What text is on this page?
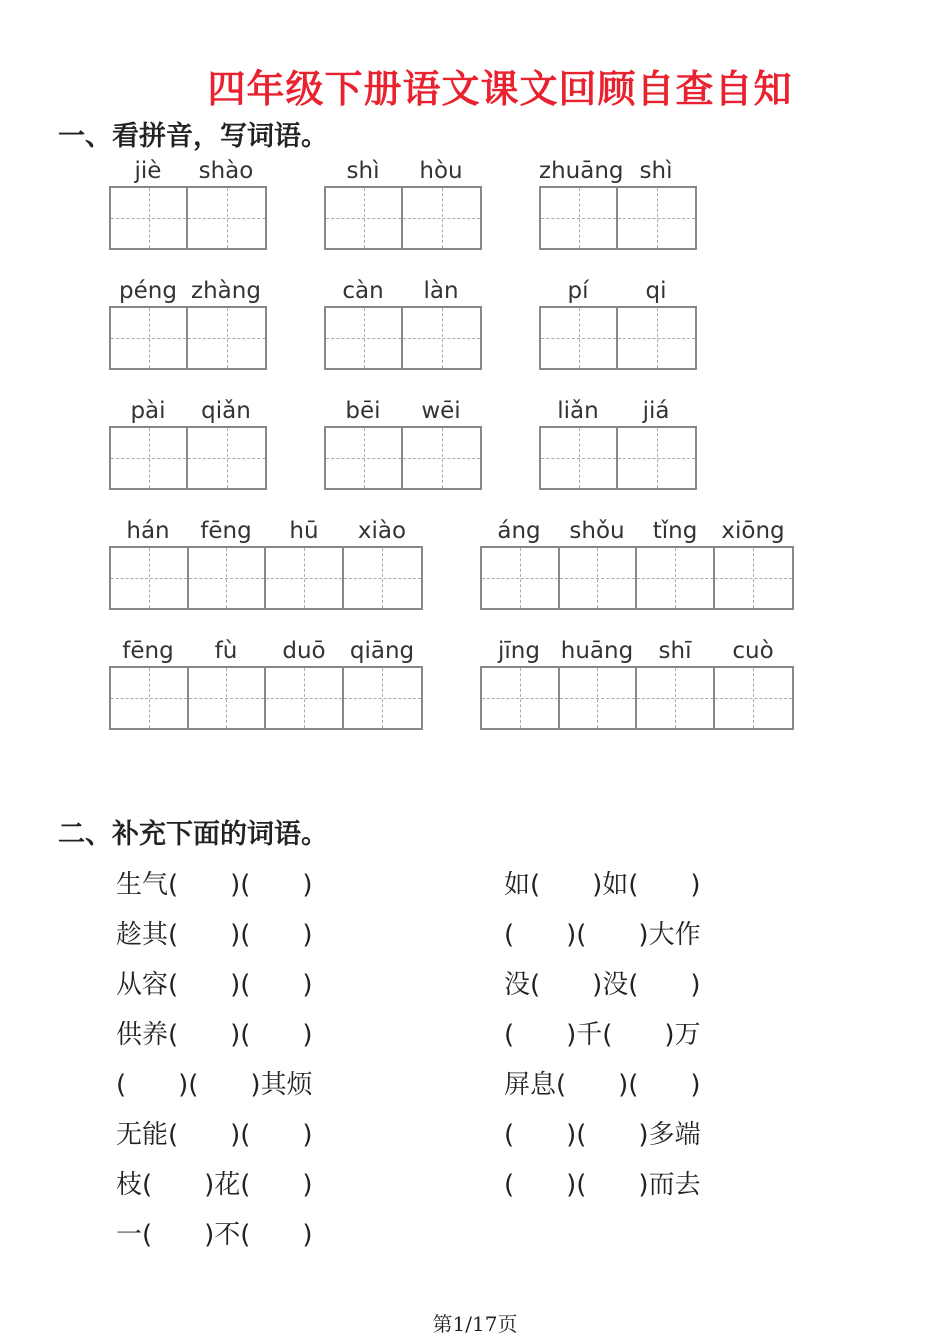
四年级下册语文课文回顾自查自知
一、看拼音，写词语。
jiè	shào	shì	hòu	zhuāng shì
péng zhàng	càn	làn	pí	qi
pài	qiǎn	bēi	wēi	liǎn	jiá
hán	fēng	hū	xiào	áng	shǒu	tǐng	xiōng
fēng	fù	duō	qiāng	jīng huāng	shī	cuò
二、补充下面的词语。
生气(　　)(　　)
趁其(　　)(　　)
从容(　　)(　　)
供养(　　)(　　)
(　　)(　　)其烦
无能(　　)(　　)
枝(　　)花(　　)
一(　　)不(　　)
如(　　)如(　　)
(　　)(　　)大作
没(　　)没(　　)
(　　)千(　　)万
屏息(　　)(　　)
(　　)(　　)多端
(　　)(　　)而去
第1/17页
